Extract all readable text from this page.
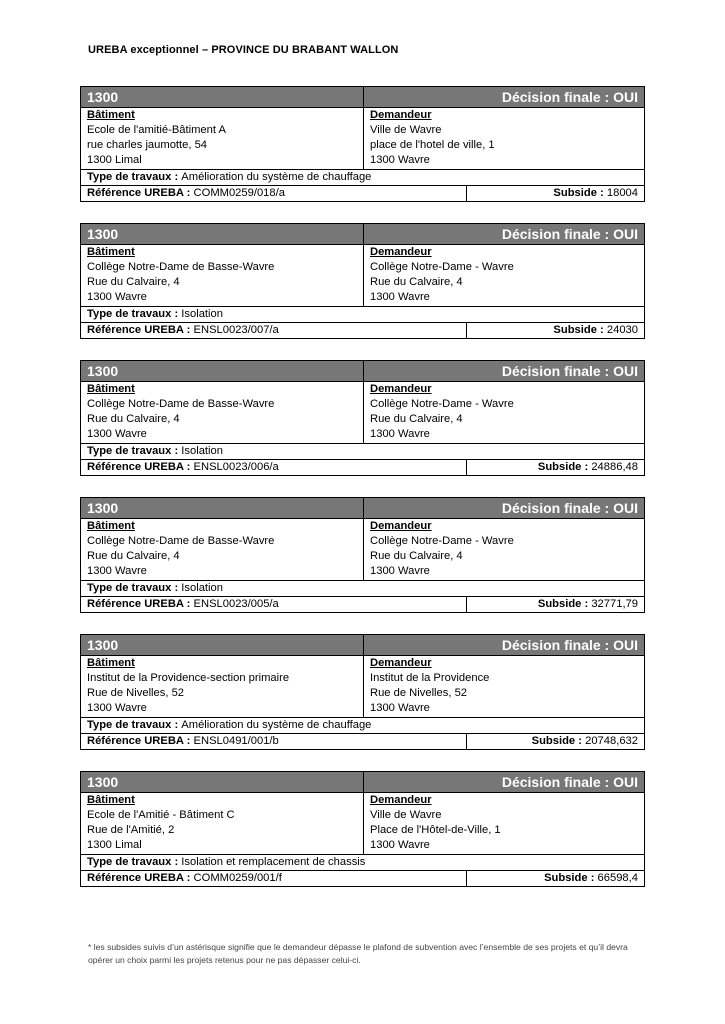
UREBA exceptionnel – PROVINCE DU BRABANT WALLON
1300	Décision finale : OUI
Bâtiment
Ecole de l'amitié-Bâtiment A
rue charles jaumotte, 54
1300 Limal
Demandeur
Ville de Wavre
place de l'hotel de ville, 1
1300 Wavre
Type de travaux : Amélioration du système de chauffage
Référence UREBA : COMM0259/018/a	Subside : 18004
1300	Décision finale : OUI
Bâtiment
Collège Notre-Dame de Basse-Wavre
Rue du Calvaire, 4
1300 Wavre
Demandeur
Collège Notre-Dame - Wavre
Rue du Calvaire, 4
1300 Wavre
Type de travaux : Isolation
Référence UREBA : ENSL0023/007/a	Subside : 24030
1300	Décision finale : OUI
Bâtiment
Collège Notre-Dame de Basse-Wavre
Rue du Calvaire, 4
1300 Wavre
Demandeur
Collège Notre-Dame - Wavre
Rue du Calvaire, 4
1300 Wavre
Type de travaux : Isolation
Référence UREBA : ENSL0023/006/a	Subside : 24886,48
1300	Décision finale : OUI
Bâtiment
Collège Notre-Dame de Basse-Wavre
Rue du Calvaire, 4
1300 Wavre
Demandeur
Collège Notre-Dame - Wavre
Rue du Calvaire, 4
1300 Wavre
Type de travaux : Isolation
Référence UREBA : ENSL0023/005/a	Subside : 32771,79
1300	Décision finale : OUI
Bâtiment
Institut de la Providence-section primaire
Rue de Nivelles, 52
1300 Wavre
Demandeur
Institut de la Providence
Rue de Nivelles, 52
1300 Wavre
Type de travaux : Amélioration du système de chauffage
Référence UREBA : ENSL0491/001/b	Subside : 20748,632
1300	Décision finale : OUI
Bâtiment
Ecole de l'Amitié - Bâtiment C
Rue de l'Amitié, 2
1300 Limal
Demandeur
Ville de Wavre
Place de l'Hôtel-de-Ville, 1
1300 Wavre
Type de travaux : Isolation et remplacement de chassis
Référence UREBA : COMM0259/001/f	Subside : 66598,4
* les subsides suivis d’un astérisque signifie que le demandeur dépasse le plafond de subvention avec l’ensemble de ses projets et qu’il devra opérer un choix parmi les projets retenus pour ne pas dépasser celui-ci.
